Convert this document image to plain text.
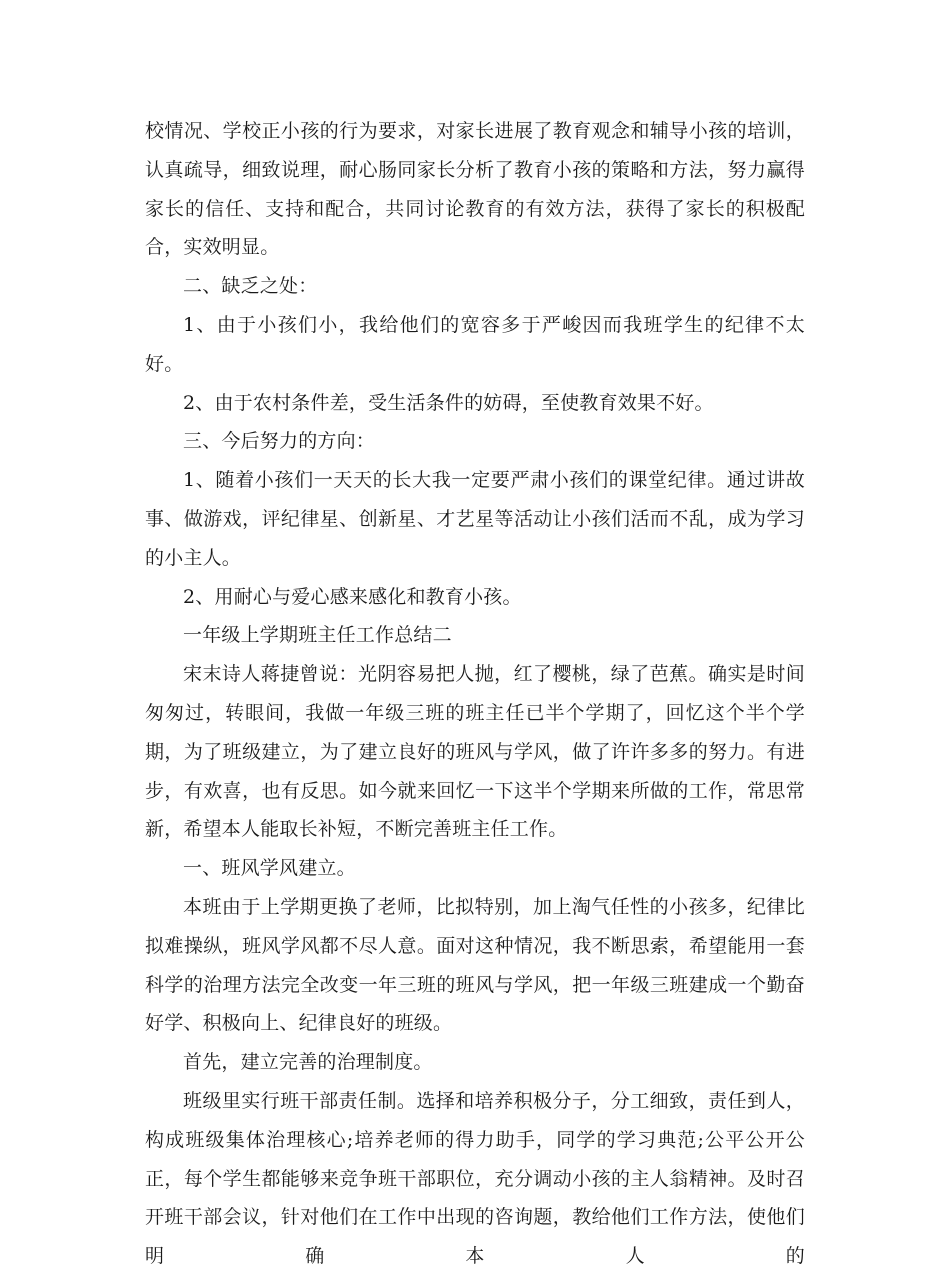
校情况、学校正小孩的行为要求，对家长进展了教育观念和辅导小孩的培训，认真疏导，细致说理，耐心肠同家长分析了教育小孩的策略和方法，努力赢得家长的信任、支持和配合，共同讨论教育的有效方法，获得了家长的积极配合，实效明显。

二、缺乏之处：

1、由于小孩们小，我给他们的宽容多于严峻因而我班学生的纪律不太好。

2、由于农村条件差，受生活条件的妨碍，至使教育效果不好。

三、今后努力的方向：

1、随着小孩们一天天的长大我一定要严肃小孩们的课堂纪律。通过讲故事、做游戏，评纪律星、创新星、才艺星等活动让小孩们活而不乱，成为学习的小主人。

2、用耐心与爱心感来感化和教育小孩。

一年级上学期班主任工作总结二

宋末诗人蒋捷曾说：光阴容易把人抛，红了樱桃，绿了芭蕉。确实是时间匆匆过，转眼间，我做一年级三班的班主任已半个学期了，回忆这个半个学期，为了班级建立，为了建立良好的班风与学风，做了许许多多的努力。有进步，有欢喜，也有反思。如今就来回忆一下这半个学期来所做的工作，常思常新，希望本人能取长补短，不断完善班主任工作。

一、班风学风建立。

本班由于上学期更换了老师，比拟特别，加上淘气任性的小孩多，纪律比拟难操纵，班风学风都不尽人意。面对这种情况，我不断思索，希望能用一套科学的治理方法完全改变一年三班的班风与学风，把一年级三班建成一个勤奋好学、积极向上、纪律良好的班级。

首先，建立完善的治理制度。

班级里实行班干部责任制。选择和培养积极分子，分工细致，责任到人，构成班级集体治理核心;培养老师的得力助手，同学的学习典范;公平公开公正，每个学生都能够来竞争班干部职位，充分调动小孩的主人翁精神。及时召开班干部会议，针对他们在工作中出现的咨询题，教给他们工作方法，使他们明确本人的
